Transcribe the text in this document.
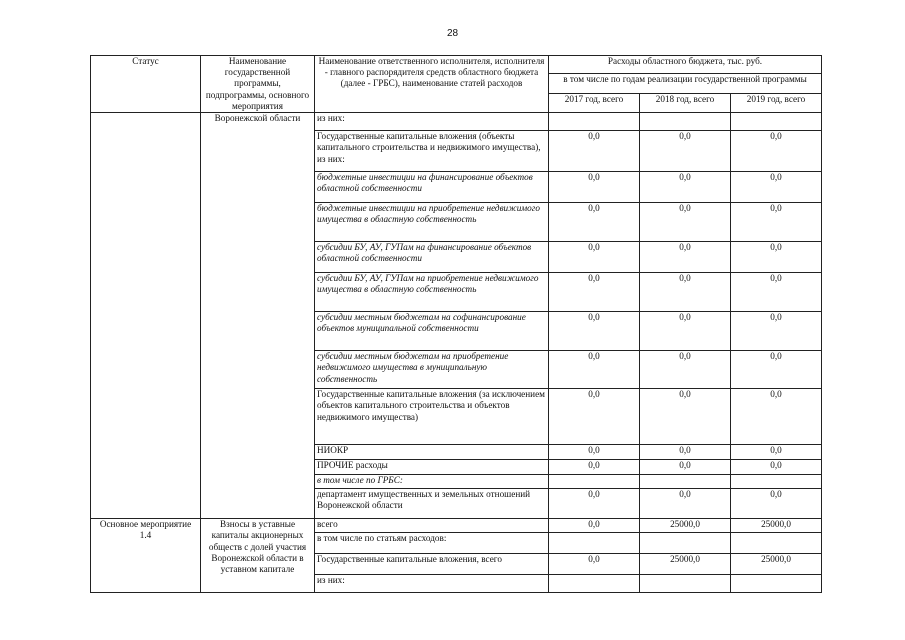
28
Статус	Наименование государственной программы, подпрограммы, основного мероприятия	Наименование ответственного исполнителя, исполнителя - главного распорядителя средств областного бюджета (далее - ГРБС), наименование статей расходов	Расходы областного бюджета, тыс. руб.		
			в том числе по годам реализации государственной программы		
			2017 год, всего	2018 год, всего	2019 год, всего
	Воронежской области	из них:			
		Государственные капитальные вложения (объекты капитального строительства и недвижимого имущества), из них:	0,0	0,0	0,0
		бюджетные инвестиции на финансирование объектов областной собственности	0,0	0,0	0,0
		бюджетные инвестиции на приобретение недвижимого имущества в областную собственность	0,0	0,0	0,0
		субсидии БУ, АУ, ГУПам на финансирование объектов областной собственности	0,0	0,0	0,0
		субсидии БУ, АУ, ГУПам на приобретение недвижимого имущества в областную собственность	0,0	0,0	0,0
		субсидии местным бюджетам на софинансирование объектов муниципальной собственности	0,0	0,0	0,0
		субсидии местным бюджетам на приобретение недвижимого имущества в муниципальную собственность	0,0	0,0	0,0
		Государственные капитальные вложения (за исключением объектов капитального строительства и объектов недвижимого имущества)	0,0	0,0	0,0
		НИОКР	0,0	0,0	0,0
		ПРОЧИЕ расходы	0,0	0,0	0,0
		в том числе по ГРБС:			
		департамент имущественных и земельных отношений Воронежской области	0,0	0,0	0,0
Основное мероприятие 1.4	Взносы в уставные капиталы акционерных обществ с долей участия Воронежской области в уставном капитале	всего	0,0	25000,0	25000,0
		в том числе по статьям расходов:			
		Государственные капитальные вложения, всего	0,0	25000,0	25000,0
		из них:			
